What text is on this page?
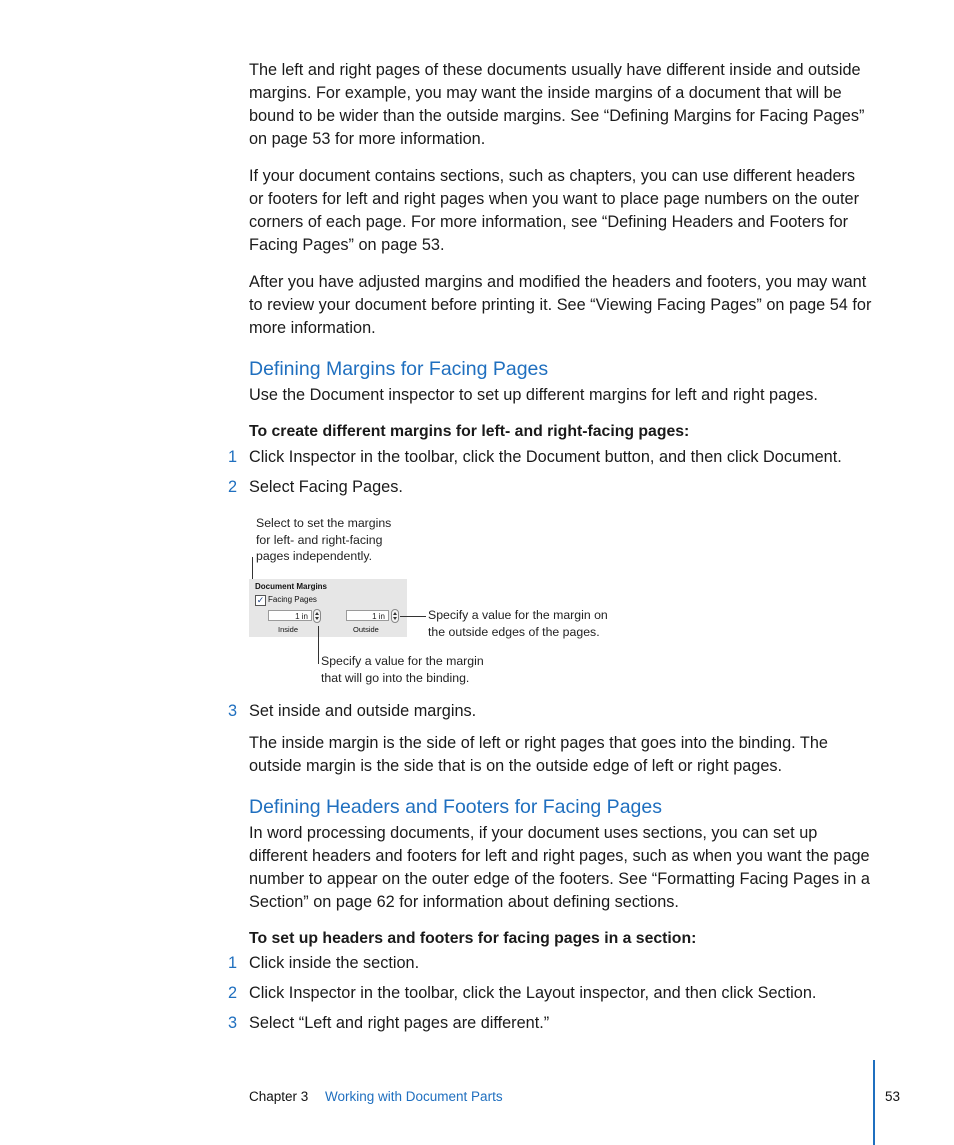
The left and right pages of these documents usually have different inside and outside margins. For example, you may want the inside margins of a document that will be bound to be wider than the outside margins. See “Defining Margins for Facing Pages” on page 53 for more information.

If your document contains sections, such as chapters, you can use different headers or footers for left and right pages when you want to place page numbers on the outer corners of each page. For more information, see “Defining Headers and Footers for Facing Pages” on page 53.

After you have adjusted margins and modified the headers and footers, you may want to review your document before printing it. See “Viewing Facing Pages” on page 54 for more information.

Defining Margins for Facing Pages

Use the Document inspector to set up different margins for left and right pages.

To create different margins for left- and right-facing pages:

1 Click Inspector in the toolbar, click the Document button, and then click Document.
2 Select Facing Pages.
Select to set the margins
for left- and right-facing
pages independently.
Document Margins
✓ Facing Pages
1 in
Inside
1 in
Outside
Specify a value for the margin on
the outside edges of the pages.
Specify a value for the margin
that will go into the binding.
3 Set inside and outside margins.

The inside margin is the side of left or right pages that goes into the binding. The outside margin is the side that is on the outside edge of left or right pages.

Defining Headers and Footers for Facing Pages

In word processing documents, if your document uses sections, you can set up different headers and footers for left and right pages, such as when you want the page number to appear on the outer edge of the footers. See “Formatting Facing Pages in a Section” on page 62 for information about defining sections.

To set up headers and footers for facing pages in a section:

1 Click inside the section.
2 Click Inspector in the toolbar, click the Layout inspector, and then click Section.
3 Select “Left and right pages are different.”
Chapter 3 Working with Document Parts	53
